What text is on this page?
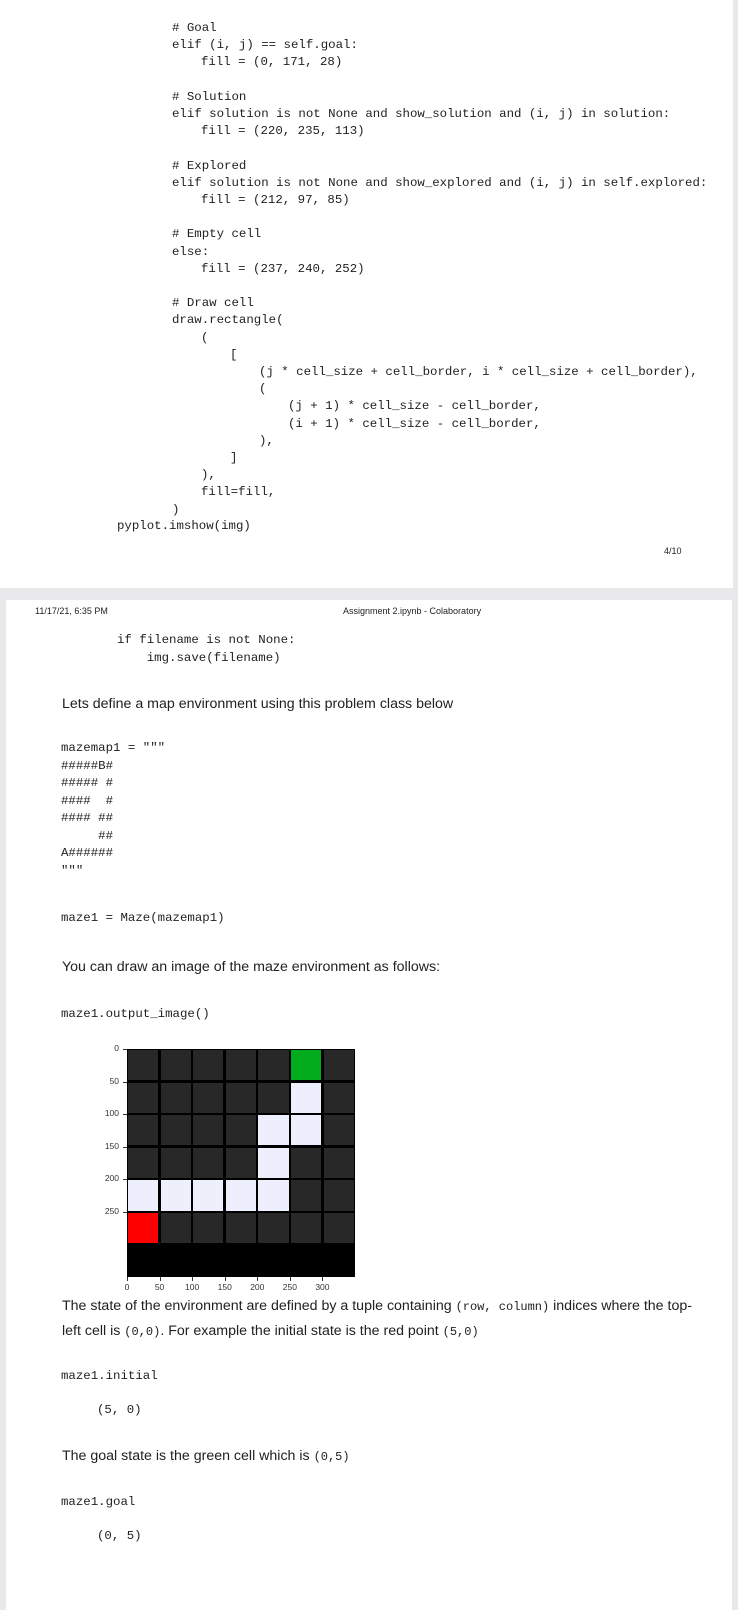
# Goal
elif (i, j) == self.goal:
fill = (0, 171, 28)
# Solution
elif solution is not None and show_solution and (i, j) in solution:
fill = (220, 235, 113)
# Explored
elif solution is not None and show_explored and (i, j) in self.explored:
fill = (212, 97, 85)
# Empty cell
else:
fill = (237, 240, 252)
# Draw cell
draw.rectangle(
(
[
(j * cell_size + cell_border, i * cell_size + cell_border),
(
(j + 1) * cell_size - cell_border,
(i + 1) * cell_size - cell_border,
),
]
),
fill=fill,
)
pyplot.imshow(img)
4/10
11/17/21, 6:35 PM	Assignment 2.ipynb - Colaboratory
if filename is not None:
img.save(filename)
Lets define a map environment using this problem class below
mazemap1 = """
#####B#
##### #
####  #
#### ##
##
A######
"""
maze1 = Maze(mazemap1)
You can draw an image of the maze environment as follows:
maze1.output_image()
0	50	100 150 200 250 300
0
50
100
150
200
250
The state of the environment are defined by a tuple containing (row, column) indices where the top-left cell is (0,0). For example the initial state is the red point (5,0)
maze1.initial
(5, 0)
The goal state is the green cell which is (0,5)
maze1.goal
(0, 5)
